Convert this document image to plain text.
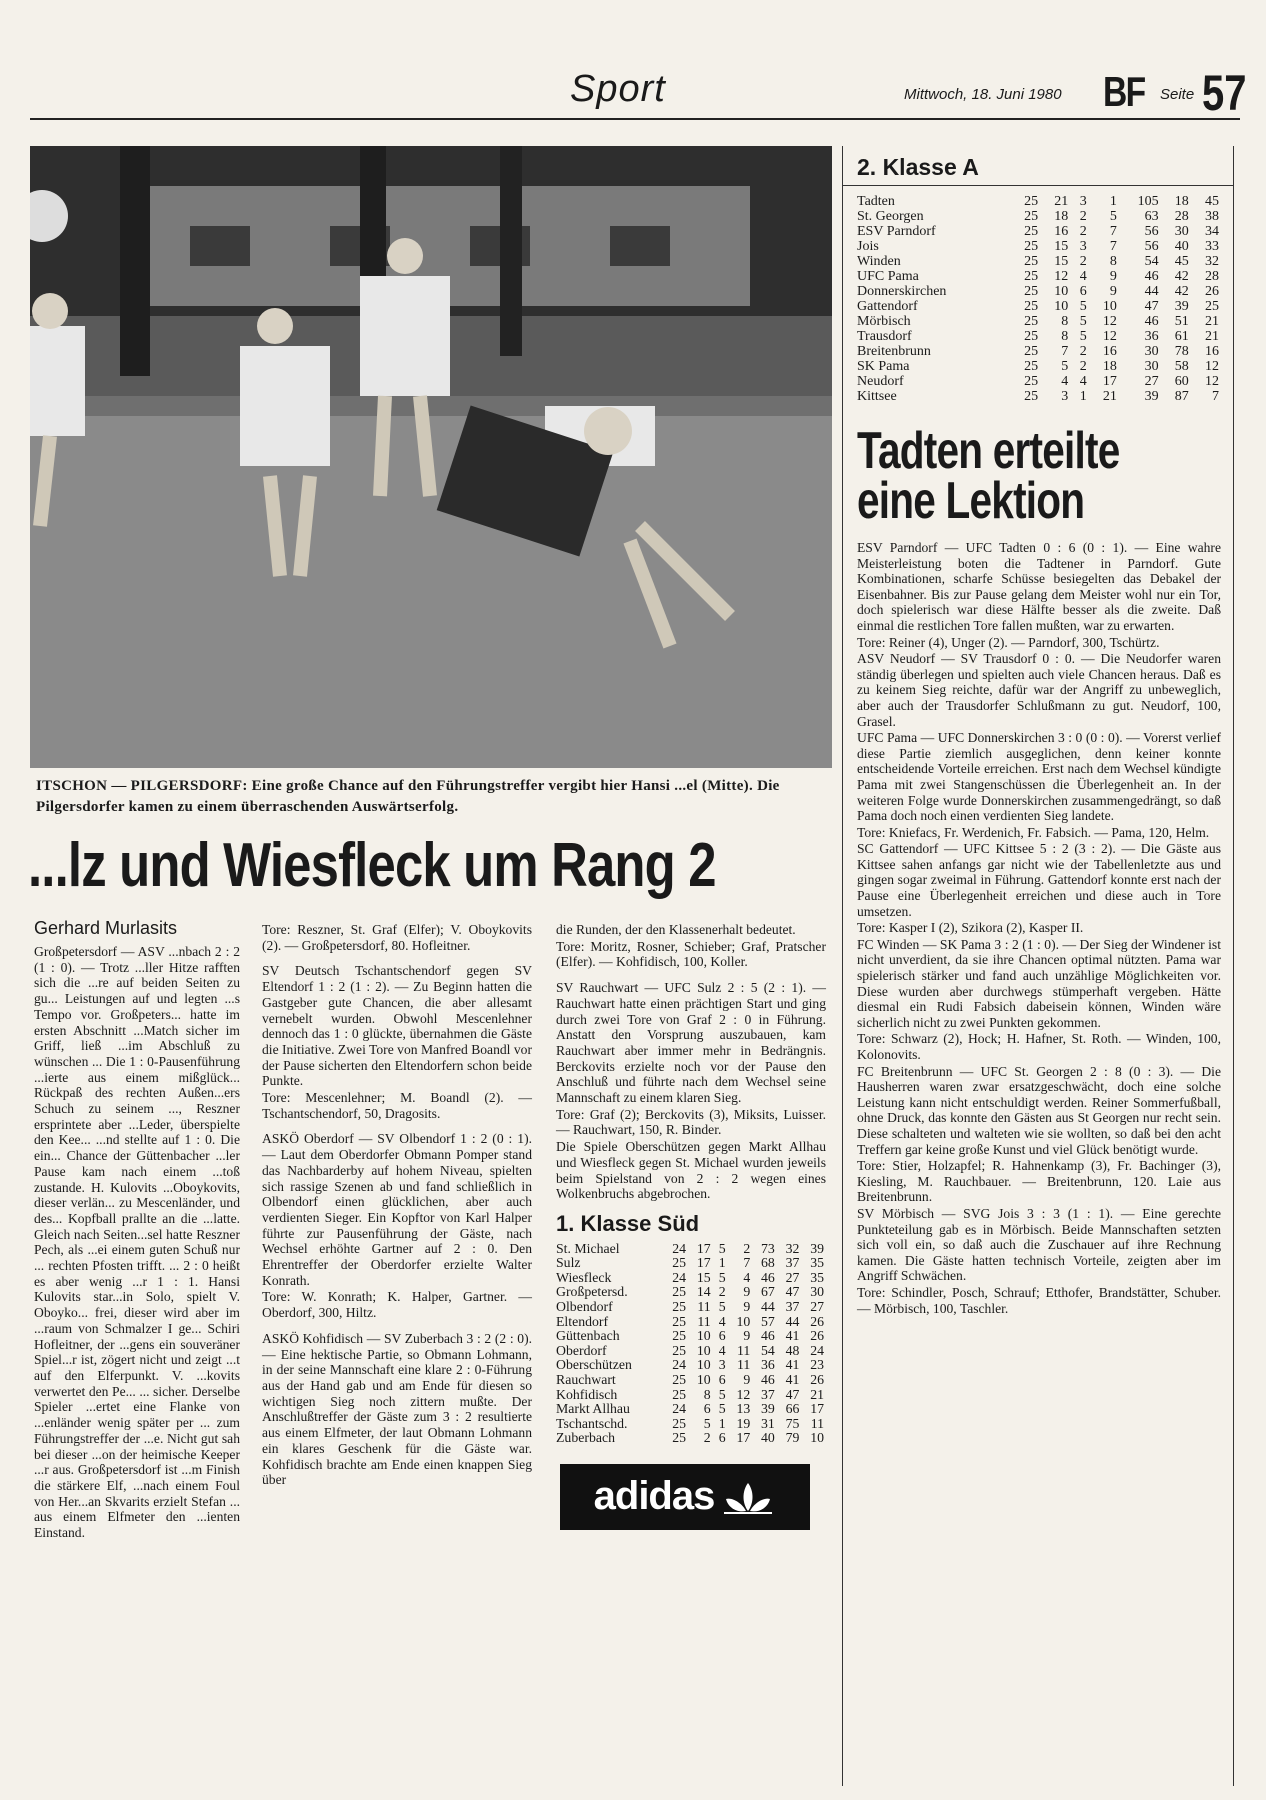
Sport	Mittwoch, 18. Juni 1980 BF Seite 57
ITSCHON — PILGERSDORF: Eine große Chance auf den Führungstreffer vergibt hier Hansi ...el (Mitte). Die Pilgersdorfer kamen zu einem überraschenden Auswärtserfolg.
...lz und Wiesfleck um Rang 2
Gerhard Murlasits

Großpetersdorf — ASV ...nbach 2 : 2 (1 : 0). — Trotz ...ller Hitze rafften sich die ...re auf beiden Seiten zu gu... Leistungen auf und legten ...s Tempo vor. Großpeters... hatte im ersten Abschnitt ...Match sicher im Griff, ließ ...im Abschluß zu wünschen ... Die 1 : 0-Pausenführung ...ierte aus einem mißglück... Rückpaß des rechten Außen...ers Schuch zu seinem ..., Reszner ersprintete aber ...Leder, überspielte den Kee... ...nd stellte auf 1 : 0. Die ein... Chance der Güttenbacher ...ler Pause kam nach einem ...toß zustande. H. Kulovits ...Oboykovits, dieser verlän... zu Mescenländer, und des... Kopfball prallte an die ...latte. Gleich nach Seiten...sel hatte Reszner Pech, als ...ei einem guten Schuß nur ... rechten Pfosten trifft. ... 2 : 0 heißt es aber wenig ...r 1 : 1. Hansi Kulovits star...in Solo, spielt V. Oboyko... frei, dieser wird aber im ...raum von Schmalzer I ge... Schiri Hofleitner, der ...gens ein souveräner Spiel...r ist, zögert nicht und zeigt ...t auf den Elferpunkt. V. ...kovits verwertet den Pe... ... sicher. Derselbe Spieler ...ertet eine Flanke von ...enländer wenig später per ... zum Führungstreffer der ...e. Nicht gut sah bei dieser ...on der heimische Keeper ...r aus. Großpetersdorf ist ...m Finish die stärkere Elf, ...nach einem Foul von Her...an Skvarits erzielt Stefan ... aus einem Elfmeter den ...ienten Einstand.

Tore: Reszner, St. Graf (Elfer); V. Oboykovits (2). — Großpetersdorf, 80. Hofleitner.

SV Deutsch Tschantschendorf gegen SV Eltendorf 1 : 2 (1 : 2). — Zu Beginn hatten die Gastgeber gute Chancen, die aber allesamt vernebelt wurden. Obwohl Mescenlehner dennoch das 1 : 0 glückte, übernahmen die Gäste die Initiative. Zwei Tore von Manfred Boandl vor der Pause sicherten den Eltendorfern schon beide Punkte.

Tore: Mescenlehner; M. Boandl (2). — Tschantschendorf, 50, Dragosits.

ASKÖ Oberdorf — SV Olbendorf 1 : 2 (0 : 1). — Laut dem Oberdorfer Obmann Pomper stand das Nachbarderby auf hohem Niveau, spielten sich rassige Szenen ab und fand schließlich in Olbendorf einen glücklichen, aber auch verdienten Sieger. Ein Kopftor von Karl Halper führte zur Pausenführung der Gäste, nach Wechsel erhöhte Gartner auf 2 : 0. Den Ehrentreffer der Oberdorfer erzielte Walter Konrath.

Tore: W. Konrath; K. Halper, Gartner. — Oberdorf, 300, Hiltz.

ASKÖ Kohfidisch — SV Zuberbach 3 : 2 (2 : 0). — Eine hektische Partie, so Obmann Lohmann, in der seine Mannschaft eine klare 2 : 0-Führung aus der Hand gab und am Ende für diesen so wichtigen Sieg noch zittern mußte. Der Anschlußtreffer der Gäste zum 3 : 2 resultierte aus einem Elfmeter, der laut Obmann Lohmann ein klares Geschenk für die Gäste war. Kohfidisch brachte am Ende einen knappen Sieg über

die Runden, der den Klassenerhalt bedeutet.

Tore: Moritz, Rosner, Schieber; Graf, Pratscher (Elfer). — Kohfidisch, 100, Koller.

SV Rauchwart — UFC Sulz 2 : 5 (2 : 1). — Rauchwart hatte einen prächtigen Start und ging durch zwei Tore von Graf 2 : 0 in Führung. Anstatt den Vorsprung auszubauen, kam Rauchwart aber immer mehr in Bedrängnis. Berckovits erzielte noch vor der Pause den Anschluß und führte nach dem Wechsel seine Mannschaft zu einem klaren Sieg.

Tore: Graf (2); Berckovits (3), Miksits, Luisser. — Rauchwart, 150, R. Binder.

Die Spiele Oberschützen gegen Markt Allhau und Wiesfleck gegen St. Michael wurden jeweils beim Spielstand von 2 : 2 wegen eines Wolkenbruchs abgebrochen.

1. Klasse Süd
St. Michael	24	17	5	2	73	32	39
Sulz	25	17	1	7	68	37	35
Wiesfleck	24	15	5	4	46	27	35
Großpetersd.	25	14	2	9	67	47	30
Olbendorf	25	11	5	9	44	37	27
Eltendorf	25	11	4	10	57	44	26
Güttenbach	25	10	6	9	46	41	26
Oberdorf	25	10	4	11	54	48	24
Oberschützen	24	10	3	11	36	41	23
Rauchwart	25	10	6	9	46	41	26
Kohfidisch	25	8	5	12	37	47	21
Markt Allhau	24	6	5	13	39	66	17
Tschantschd.	25	5	1	19	31	75	11
Zuberbach	25	2	6	17	40	79	10
adidas
2. Klasse A
Tadten	25	21	3	1	105	18	45
St. Georgen	25	18	2	5	63	28	38
ESV Parndorf	25	16	2	7	56	30	34
Jois	25	15	3	7	56	40	33
Winden	25	15	2	8	54	45	32
UFC Pama	25	12	4	9	46	42	28
Donnerskirchen	25	10	6	9	44	42	26
Gattendorf	25	10	5	10	47	39	25
Mörbisch	25	8	5	12	46	51	21
Trausdorf	25	8	5	12	36	61	21
Breitenbrunn	25	7	2	16	30	78	16
SK Pama	25	5	2	18	30	58	12
Neudorf	25	4	4	17	27	60	12
Kittsee	25	3	1	21	39	87	7
Tadten erteilte
eine Lektion

ESV Parndorf — UFC Tadten 0 : 6 (0 : 1). — Eine wahre Meisterleistung boten die Tadtener in Parndorf. Gute Kombinationen, scharfe Schüsse besiegelten das Debakel der Eisenbahner. Bis zur Pause gelang dem Meister wohl nur ein Tor, doch spielerisch war diese Hälfte besser als die zweite. Daß einmal die restlichen Tore fallen mußten, war zu erwarten.

Tore: Reiner (4), Unger (2). — Parndorf, 300, Tschürtz.

ASV Neudorf — SV Trausdorf 0 : 0. — Die Neudorfer waren ständig überlegen und spielten auch viele Chancen heraus. Daß es zu keinem Sieg reichte, dafür war der Angriff zu unbeweglich, aber auch der Trausdorfer Schlußmann zu gut. Neudorf, 100, Grasel.

UFC Pama — UFC Donnerskirchen 3 : 0 (0 : 0). — Vorerst verlief diese Partie ziemlich ausgeglichen, denn keiner konnte entscheidende Vorteile erreichen. Erst nach dem Wechsel kündigte Pama mit zwei Stangenschüssen die Überlegenheit an. In der weiteren Folge wurde Donnerskirchen zusammengedrängt, so daß Pama doch noch einen verdienten Sieg landete.

Tore: Kniefacs, Fr. Werdenich, Fr. Fabsich. — Pama, 120, Helm.

SC Gattendorf — UFC Kittsee 5 : 2 (3 : 2). — Die Gäste aus Kittsee sahen anfangs gar nicht wie der Tabellenletzte aus und gingen sogar zweimal in Führung. Gattendorf konnte erst nach der Pause eine Überlegenheit erreichen und diese auch in Tore umsetzen.

Tore: Kasper I (2), Szikora (2), Kasper II.

FC Winden — SK Pama 3 : 2 (1 : 0). — Der Sieg der Windener ist nicht unverdient, da sie ihre Chancen optimal nützten. Pama war spielerisch stärker und fand auch unzählige Möglichkeiten vor. Diese wurden aber durchwegs stümperhaft vergeben. Hätte diesmal ein Rudi Fabsich dabeisein können, Winden wäre sicherlich nicht zu zwei Punkten gekommen.

Tore: Schwarz (2), Hock; H. Hafner, St. Roth. — Winden, 100, Kolonovits.

FC Breitenbrunn — UFC St. Georgen 2 : 8 (0 : 3). — Die Hausherren waren zwar ersatzgeschwächt, doch eine solche Leistung kann nicht entschuldigt werden. Reiner Sommerfußball, ohne Druck, das konnte den Gästen aus St Georgen nur recht sein. Diese schalteten und walteten wie sie wollten, so daß bei den acht Treffern gar keine große Kunst und viel Glück benötigt wurde.

Tore: Stier, Holzapfel; R. Hahnenkamp (3), Fr. Bachinger (3), Kiesling, M. Rauchbauer. — Breitenbrunn, 120. Laie aus Breitenbrunn.

SV Mörbisch — SVG Jois 3 : 3 (1 : 1). — Eine gerechte Punkteteilung gab es in Mörbisch. Beide Mannschaften setzten sich voll ein, so daß auch die Zuschauer auf ihre Rechnung kamen. Die Gäste hatten technisch Vorteile, zeigten aber im Angriff Schwächen.

Tore: Schindler, Posch, Schrauf; Etthofer, Brandstätter, Schuber. — Mörbisch, 100, Taschler.
